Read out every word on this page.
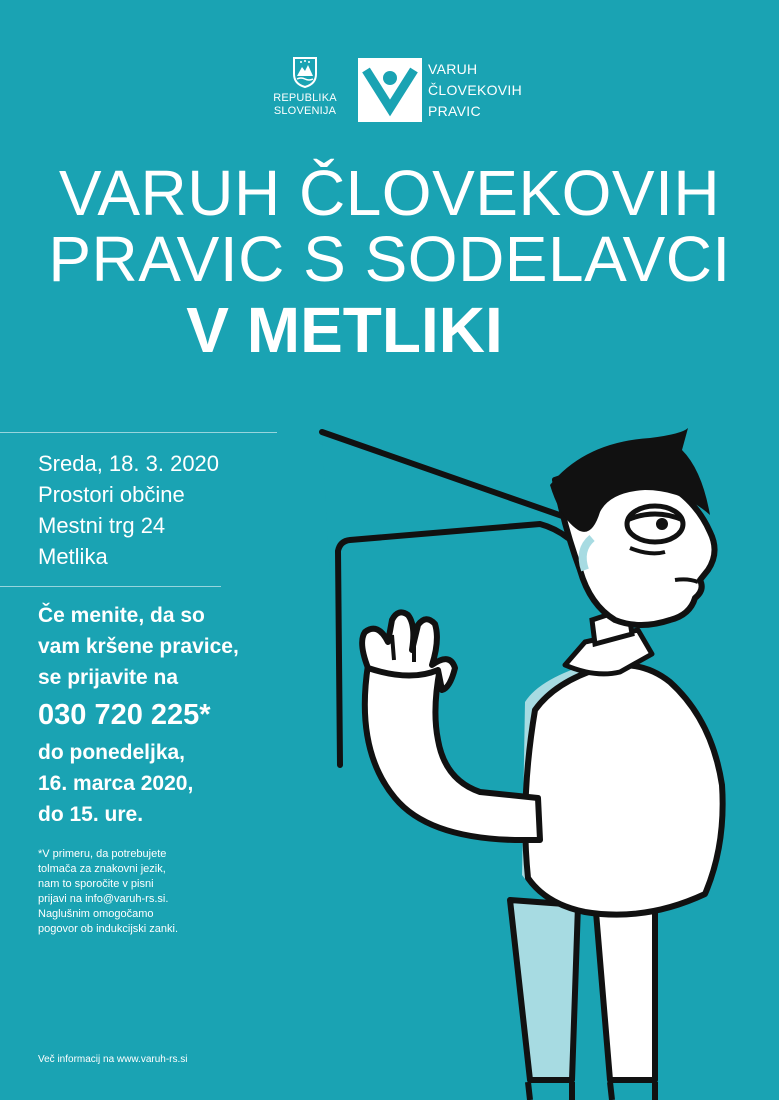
REPUBLIKA
SLOVENIJA
VARUH
ČLOVEKOVIH
PRAVIC
VARUH ČLOVEKOVIH
PRAVIC S SODELAVCI
V METLIKI
Sreda, 18. 3. 2020
Prostori občine
Mestni trg 24
Metlika
Če menite, da so
vam kršene pravice,
se prijavite na
030 720 225*
do ponedeljka,
16. marca 2020,
do 15. ure.
*V primeru, da potrebujete
tolmača za znakovni jezik,
nam to sporočite v pisni
prijavi na info@varuh-rs.si.
Naglušnim omogočamo
pogovor ob indukcijski zanki.
Več informacij na www.varuh-rs.si
